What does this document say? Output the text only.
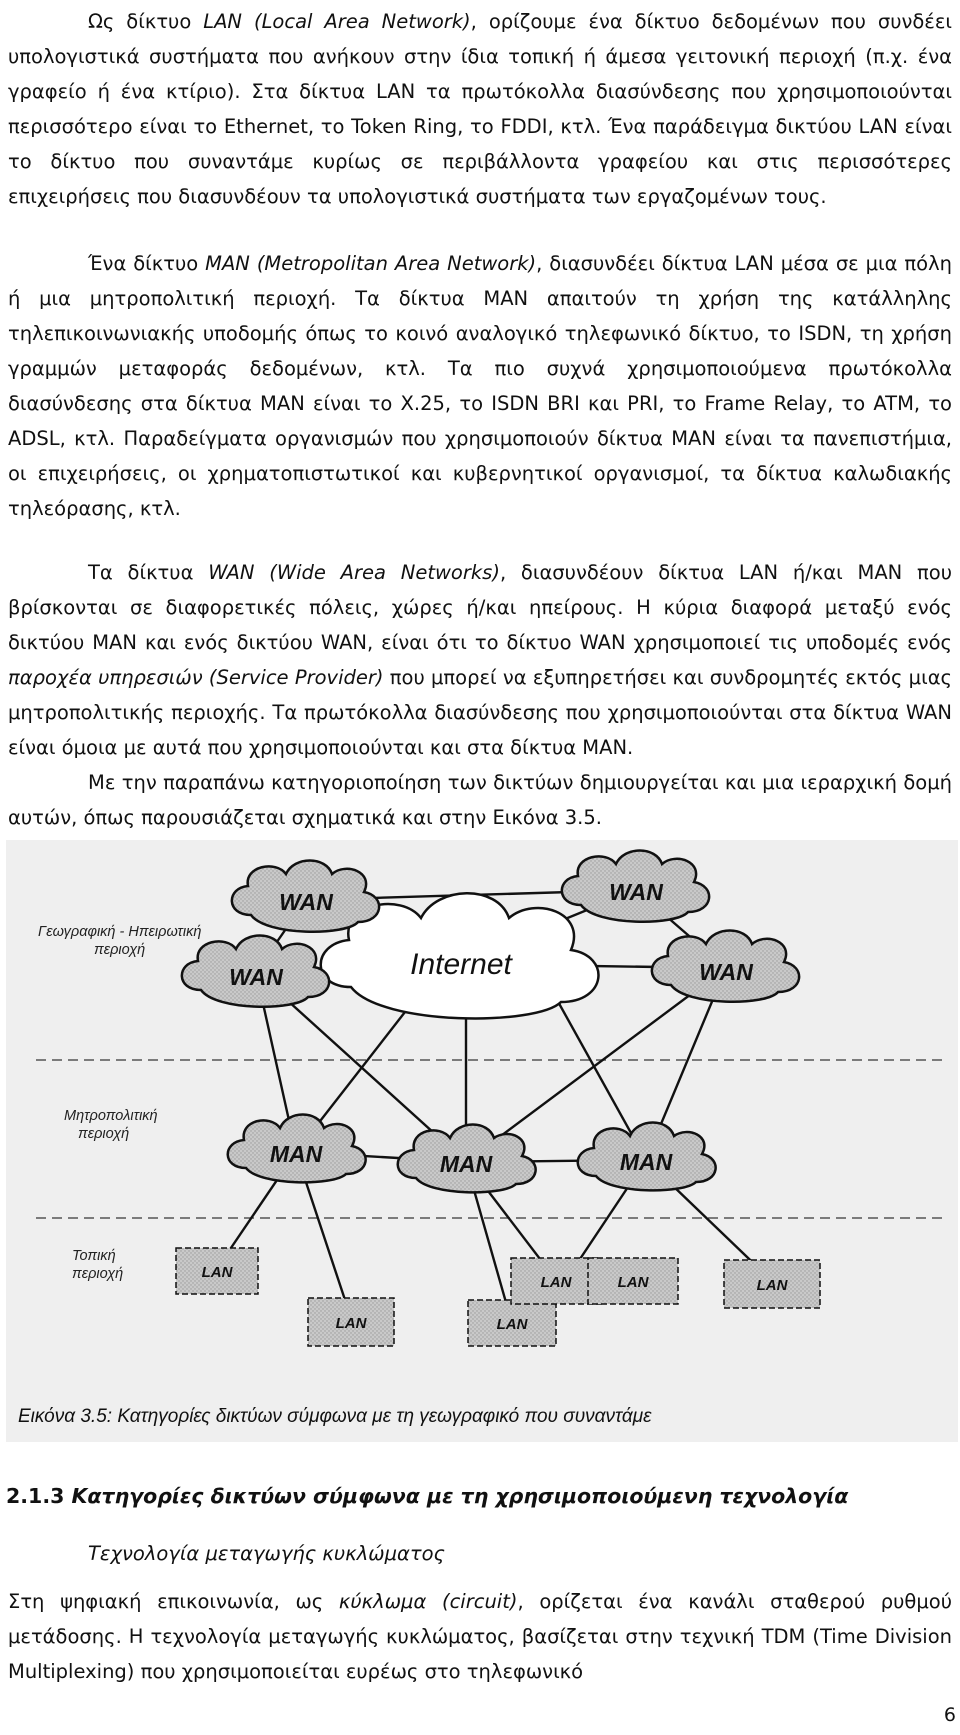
Ως δίκτυο LAN (Local Area Network), ορίζουμε ένα δίκτυο δεδομένων που συνδέει υπολογιστικά συστήματα που ανήκουν στην ίδια τοπική ή άμεσα γειτονική περιοχή (π.χ. ένα γραφείο ή ένα κτίριο). Στα δίκτυα LAN τα πρωτόκολλα διασύνδεσης που χρησιμοποιούνται περισσότερο είναι το Ethernet, το Token Ring, το FDDI, κτλ. Ένα παράδειγμα δικτύου LAN είναι το δίκτυο που συναντάμε κυρίως σε περιβάλλοντα γραφείου και στις περισσότερες επιχειρήσεις που διασυνδέουν τα υπολογιστικά συστήματα των εργαζομένων τους.

Ένα δίκτυο MAN (Metropolitan Area Network), διασυνδέει δίκτυα LAN μέσα σε μια πόλη ή μια μητροπολιτική περιοχή. Τα δίκτυα MAN απαιτούν τη χρήση της κατάλληλης τηλεπικοινωνιακής υποδομής όπως το κοινό αναλογικό τηλεφωνικό δίκτυο, το ISDN, τη χρήση γραμμών μεταφοράς δεδομένων, κτλ. Τα πιο συχνά χρησιμοποιούμενα πρωτόκολλα διασύνδεσης στα δίκτυα MAN είναι το X.25, το ISDN BRI και PRI, το Frame Relay, το ATM, το ADSL, κτλ. Παραδείγματα οργανισμών που χρησιμοποιούν δίκτυα MAN είναι τα πανεπιστήμια, οι επιχειρήσεις, οι χρηματοπιστωτικοί και κυβερνητικοί οργανισμοί, τα δίκτυα καλωδιακής τηλεόρασης, κτλ.

Τα δίκτυα WAN (Wide Area Networks), διασυνδέουν δίκτυα LAN ή/και MAN που βρίσκονται σε διαφορετικές πόλεις, χώρες ή/και ηπείρους. Η κύρια διαφορά μεταξύ ενός δικτύου MAN και ενός δικτύου WAN, είναι ότι το δίκτυο WAN χρησιμοποιεί τις υποδομές ενός παροχέα υπηρεσιών (Service Provider) που μπορεί να εξυπηρετήσει και συνδρομητές εκτός μιας μητροπολιτικής περιοχής. Τα πρωτόκολλα διασύνδεσης που χρησιμοποιούνται στα δίκτυα WAN είναι όμοια με αυτά που χρησιμοποιούνται και στα δίκτυα MAN.

Με την παραπάνω κατηγοριοποίηση των δικτύων δημιουργείται και μια ιεραρχική δομή αυτών, όπως παρουσιάζεται σχηματικά και στην Εικόνα 3.5.

Internet
WAN	WAN
WAN	WAN
MAN	MAN	MAN
LAN
LAN	LAN
LAN	LAN	LAN
Γεωγραφική - Ηπειρωτική
περιοχή
Μητροπολιτική
περιοχή
Τοπική
περιοχή
Εικόνα 3.5: Κατηγορίες δικτύων σύμφωνα με τη γεωγραφικό που συναντάμε

2.1.3 Κατηγορίες δικτύων σύμφωνα με τη χρησιμοποιούμενη τεχνολογία

Τεχνολογία μεταγωγής κυκλώματος

Στη ψηφιακή επικοινωνία, ως κύκλωμα (circuit), ορίζεται ένα κανάλι σταθερού ρυθμού μετάδοσης. Η τεχνολογία μεταγωγής κυκλώματος, βασίζεται στην τεχνική TDM (Time Division Multiplexing) που χρησιμοποιείται ευρέως στο τηλεφωνικό

6
